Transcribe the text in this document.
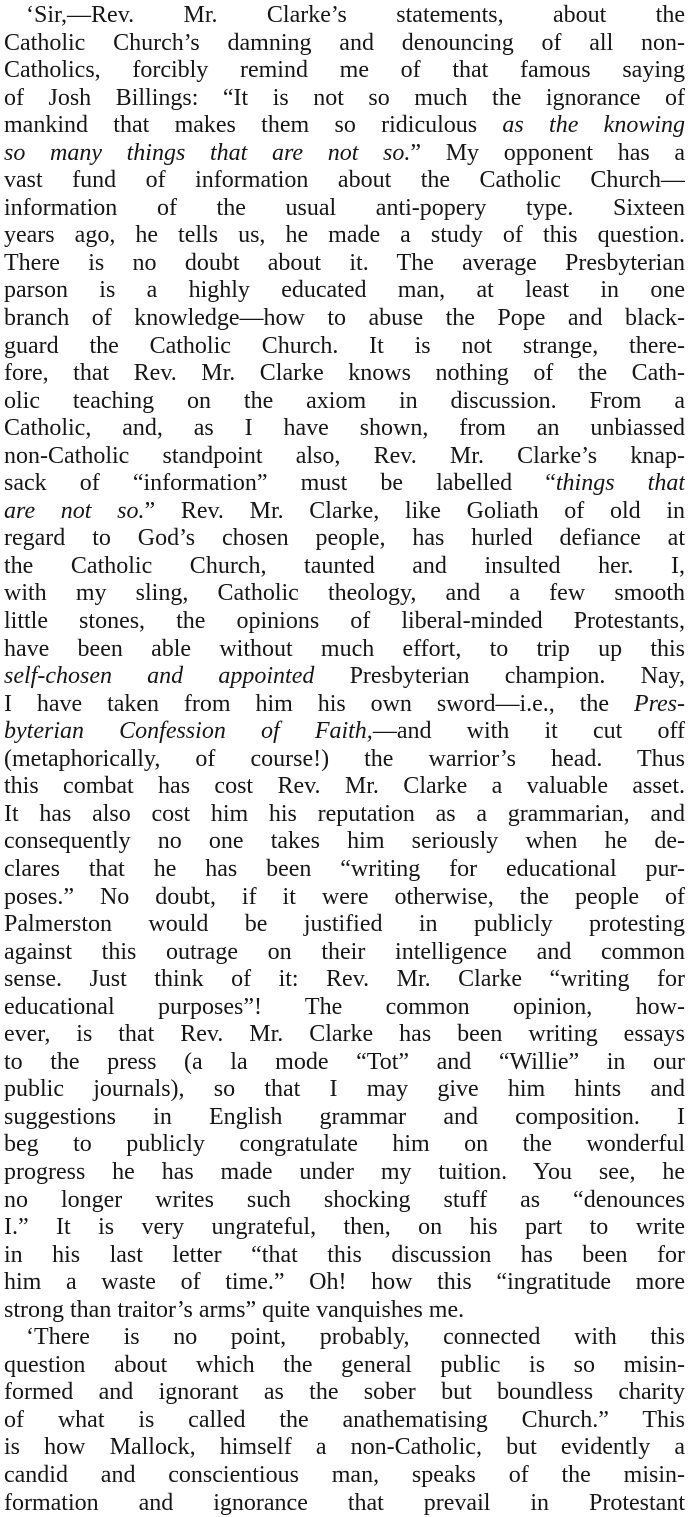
‘Sir,—Rev. Mr. Clarke’s statements, about the
Catholic Church’s damning and denouncing of all non-
Catholics, forcibly remind me of that famous saying
of Josh Billings: “It is not so much the ignorance of
mankind that makes them so ridiculous as the knowing
so many things that are not so.” My opponent has a
vast fund of information about the Catholic Church—
information of the usual anti-popery type. Sixteen
years ago, he tells us, he made a study of this question.
There is no doubt about it. The average Presbyterian
parson is a highly educated man, at least in one
branch of knowledge—how to abuse the Pope and black-
guard the Catholic Church. It is not strange, there-
fore, that Rev. Mr. Clarke knows nothing of the Cath-
olic teaching on the axiom in discussion. From a
Catholic, and, as I have shown, from an unbiassed
non-Catholic standpoint also, Rev. Mr. Clarke’s knap-
sack of “information” must be labelled “things that
are not so.” Rev. Mr. Clarke, like Goliath of old in
regard to God’s chosen people, has hurled defiance at
the Catholic Church, taunted and insulted her. I,
with my sling, Catholic theology, and a few smooth
little stones, the opinions of liberal-minded Protestants,
have been able without much effort, to trip up this
self-chosen and appointed Presbyterian champion. Nay,
I have taken from him his own sword—i.e., the Pres-
byterian Confession of Faith,—and with it cut off
(metaphorically, of course!) the warrior’s head. Thus
this combat has cost Rev. Mr. Clarke a valuable asset.
It has also cost him his reputation as a grammarian, and
consequently no one takes him seriously when he de-
clares that he has been “writing for educational pur-
poses.” No doubt, if it were otherwise, the people of
Palmerston would be justified in publicly protesting
against this outrage on their intelligence and common
sense. Just think of it: Rev. Mr. Clarke “writing for
educational purposes”! The common opinion, how-
ever, is that Rev. Mr. Clarke has been writing essays
to the press (a la mode “Tot” and “Willie” in our
public journals), so that I may give him hints and
suggestions in English grammar and composition. I
beg to publicly congratulate him on the wonderful
progress he has made under my tuition. You see, he
no longer writes such shocking stuff as “denounces
I.” It is very ungrateful, then, on his part to write
in his last letter “that this discussion has been for
him a waste of time.” Oh! how this “ingratitude more
strong than traitor’s arms” quite vanquishes me.
‘There is no point, probably, connected with this
question about which the general public is so misin-
formed and ignorant as the sober but boundless charity
of what is called the anathematising Church.” This
is how Mallock, himself a non-Catholic, but evidently a
candid and conscientious man, speaks of the misin-
formation and ignorance that prevail in Protestant
